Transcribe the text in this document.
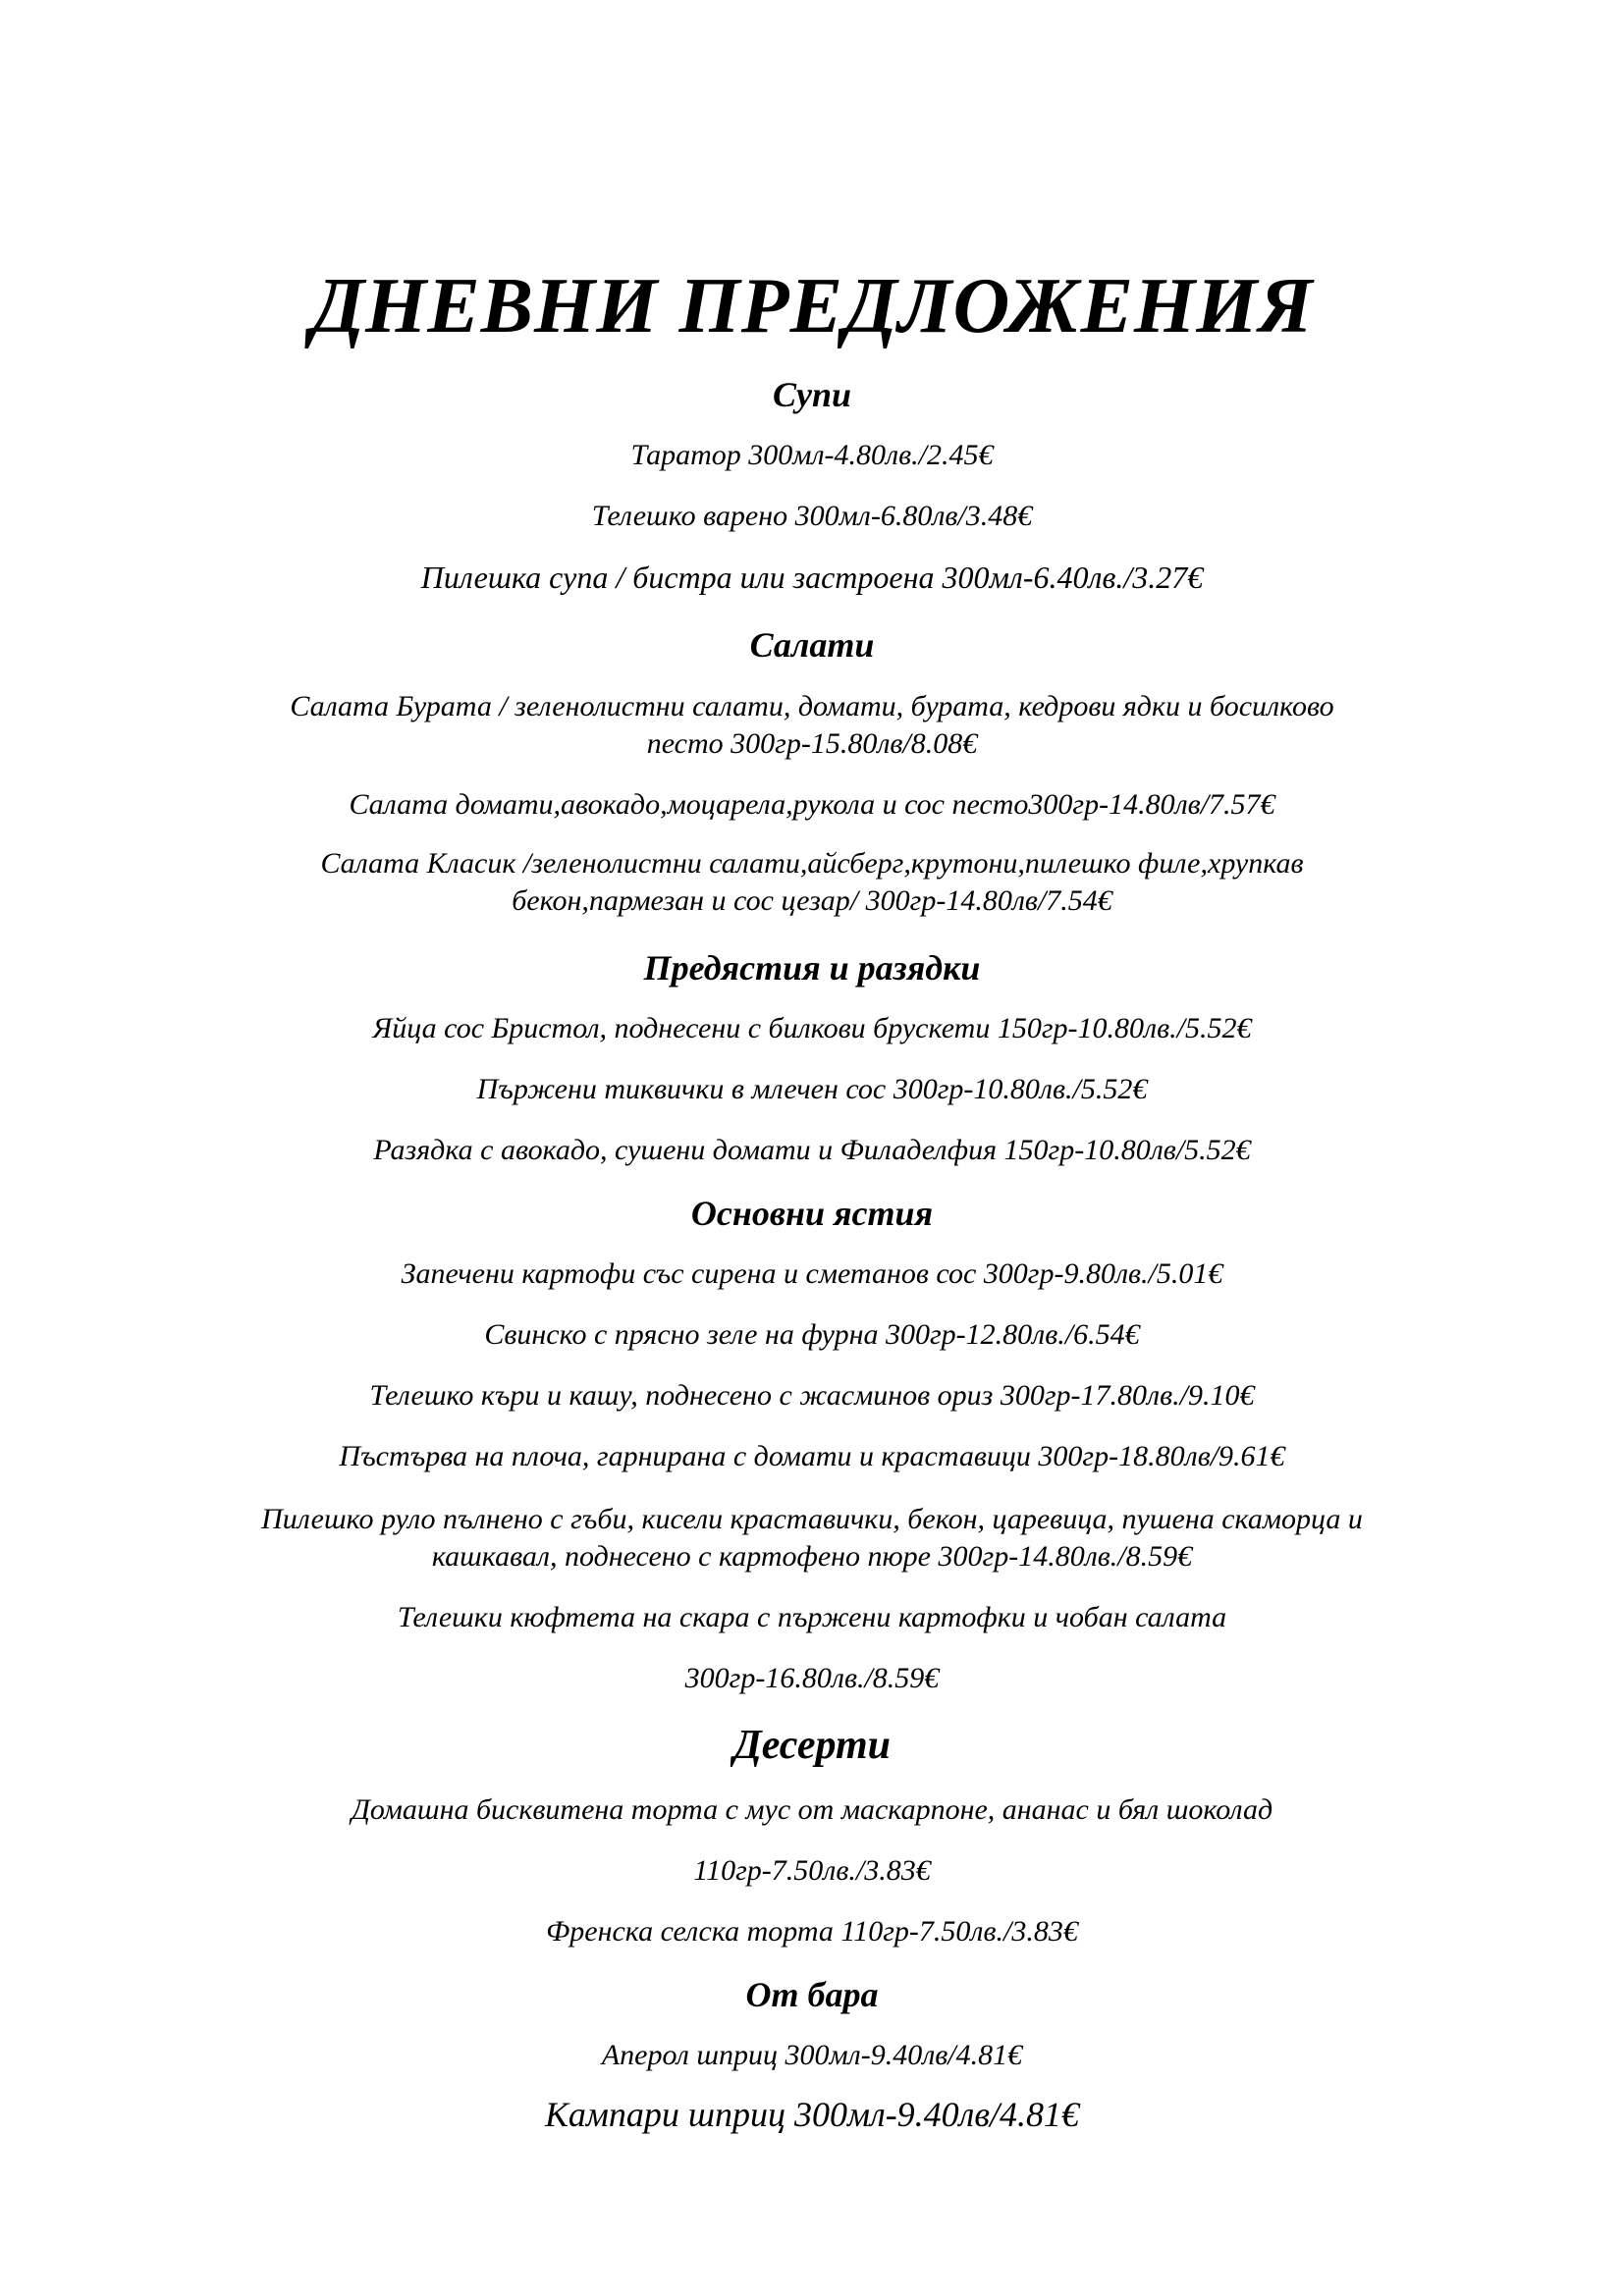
ДНЕВНИ ПРЕДЛОЖЕНИЯ
Супи
Таратор 300мл-4.80лв./2.45€
Телешко варено 300мл-6.80лв/3.48€
Пилешка супа / бистра или застроена 300мл-6.40лв./3.27€
Салати
Салата Бурата / зеленолистни салати, домати, бурата, кедрови ядки и босилково
песто 300гр-15.80лв/8.08€
Салата домати,авокадо,моцарела,рукола и сос песто300гр-14.80лв/7.57€
Салата Класик /зеленолистни салати,айсберг,крутони,пилешко филе,хрупкав
бекон,пармезан и сос цезар/ 300гр-14.80лв/7.54€
Предястия и разядки
Яйца сос Бристол, поднесени с билкови брускети 150гр-10.80лв./5.52€
Пържени тиквички в млечен сос 300гр-10.80лв./5.52€
Разядка с авокадо, сушени домати и Филаделфия 150гр-10.80лв/5.52€
Основни ястия
Запечени картофи със сирена и сметанов сос 300гр-9.80лв./5.01€
Свинско с прясно зеле на фурна 300гр-12.80лв./6.54€
Телешко къри и кашу, поднесено с жасминов ориз 300гр-17.80лв./9.10€
Пъстърва на плоча, гарнирана с домати и краставици 300гр-18.80лв/9.61€
Пилешко руло пълнено с гъби, кисели краставички, бекон, царевица, пушена скаморца и
кашкавал, поднесено с картофено пюре 300гр-14.80лв./8.59€
Телешки кюфтета на скара с пържени картофки и чобан салата
300гр-16.80лв./8.59€
Десерти
Домашна бисквитена торта с мус от маскарпоне, ананас и бял шоколад
110гр-7.50лв./3.83€
Френска селска торта 110гр-7.50лв./3.83€
От бара
Аперол шприц 300мл-9.40лв/4.81€
Кампари шприц 300мл-9.40лв/4.81€
